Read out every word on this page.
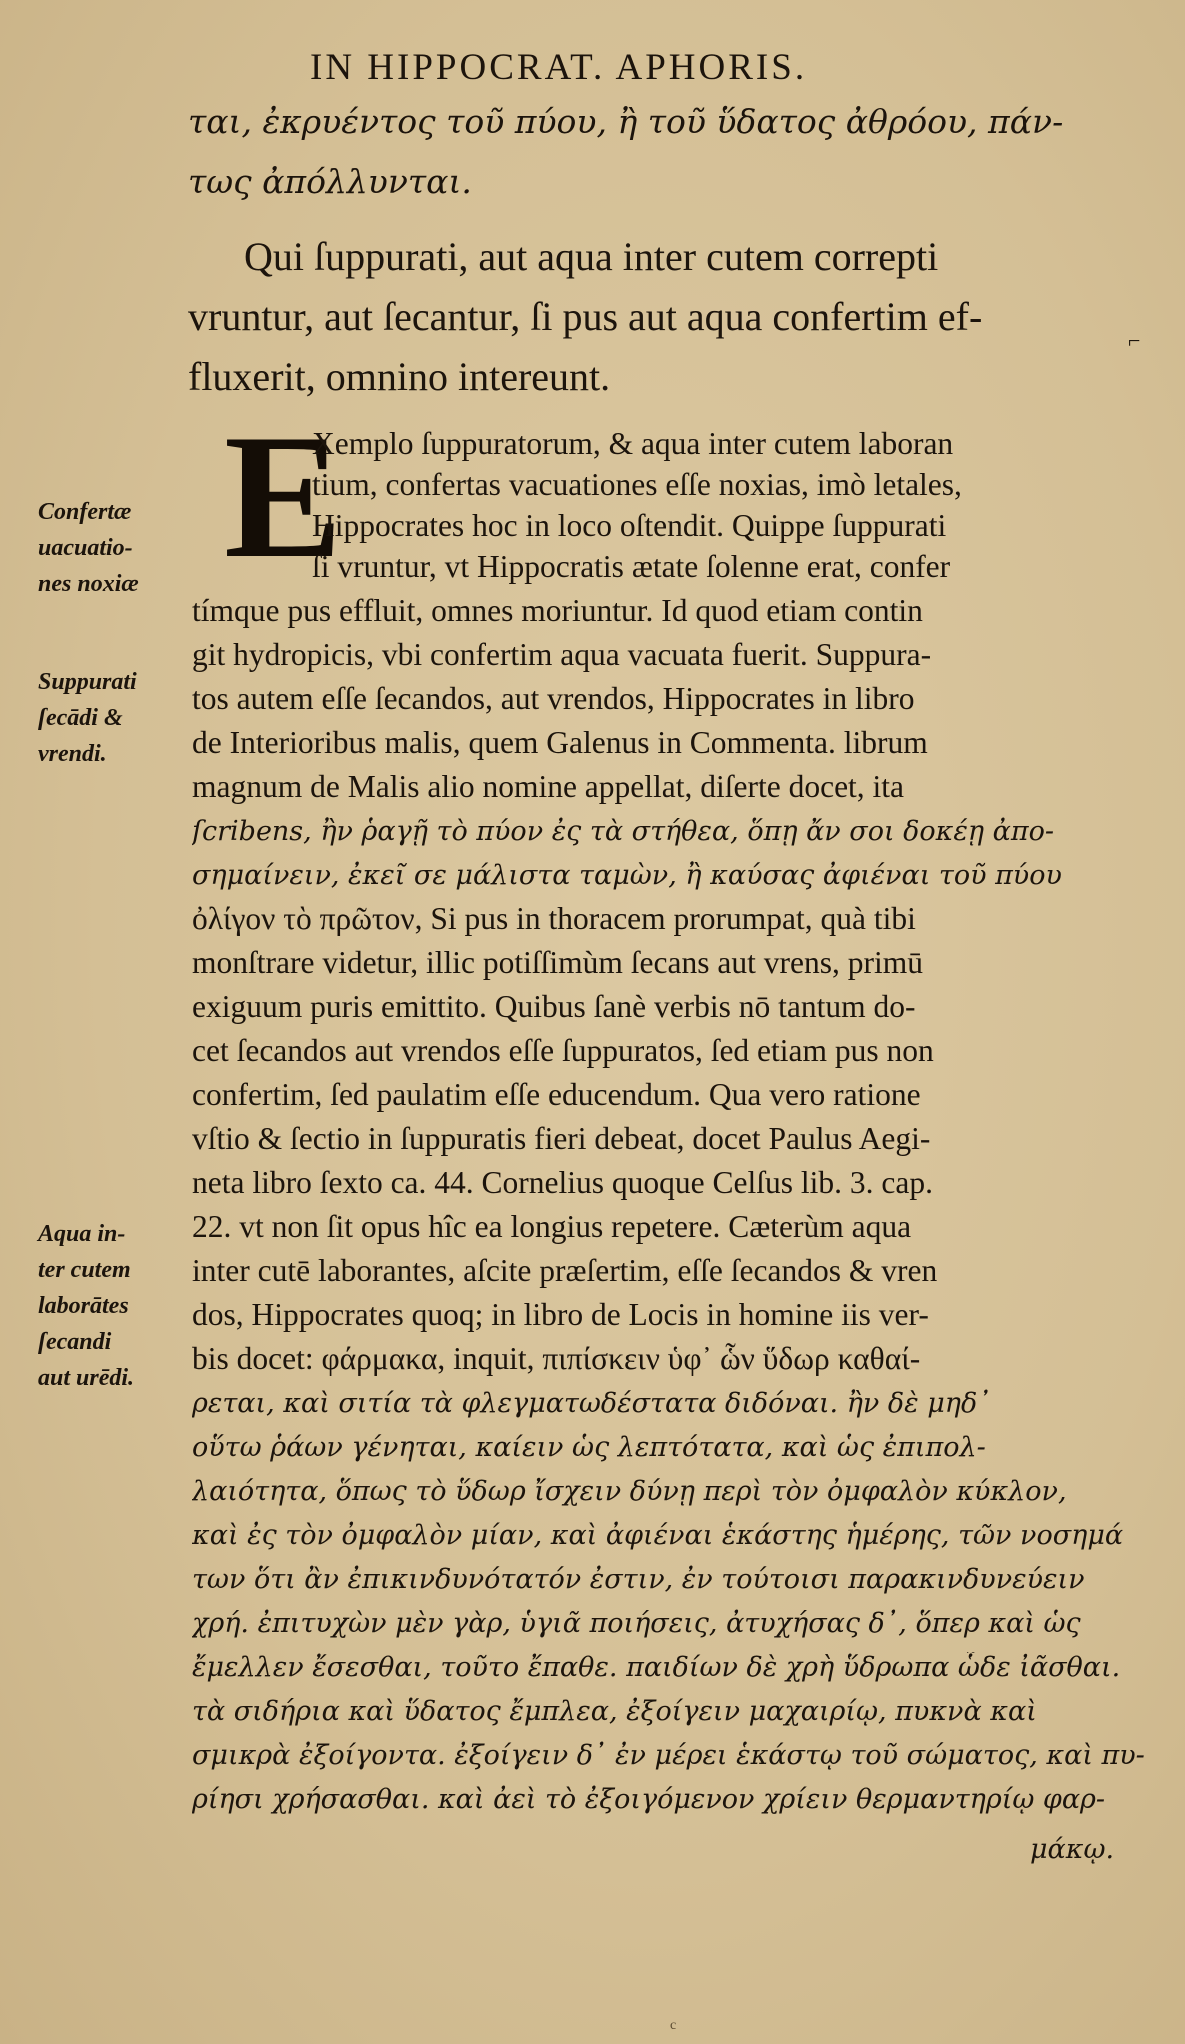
IN HIPPOCRAT. APHORIS.
ται, ἐκρυέντος τοῦ πύου, ἢ τοῦ ὕδατος ἀθρόου, πάν-
τως ἀπόλλυνται.
Qui ſuppurati, aut aqua inter cutem correpti
vruntur, aut ſecantur, ſi pus aut aqua confertim ef-
fluxerit, omnino intereunt.
⌐
E
Xemplo ſuppuratorum, & aqua inter cutem laboran
tium, confertas vacuationes eſſe noxias, imò letales,
Hippocrates hoc in loco oſtendit. Quippe ſuppurati
ſi vruntur, vt Hippocratis ætate ſolenne erat, confer
tímque pus effluit, omnes moriuntur. Id quod etiam contin
git hydropicis, vbi confertim aqua vacuata fuerit. Suppura-
tos autem eſſe ſecandos, aut vrendos, Hippocrates in libro
de Interioribus malis, quem Galenus in Commenta. librum
magnum de Malis alio nomine appellat, diſerte docet, ita
ſcribens, ἢν ῥαγῇ τὸ πύον ἐς τὰ στήθεα, ὅπῃ ἄν σοι δοκέῃ ἀπο-
σημαίνειν, ἐκεῖ σε μάλιστα ταμὼν, ἢ καύσας ἀφιέναι τοῦ πύου
ὀλίγον τὸ πρῶτον, Si pus in thoracem prorumpat, quà tibi
monſtrare videtur, illic potiſſimùm ſecans aut vrens, primū
exiguum puris emittito. Quibus ſanè verbis nō tantum do-
cet ſecandos aut vrendos eſſe ſuppuratos, ſed etiam pus non
confertim, ſed paulatim eſſe educendum. Qua vero ratione
vſtio & ſectio in ſuppuratis fieri debeat, docet Paulus Aegi-
neta libro ſexto ca. 44. Cornelius quoque Celſus lib. 3. cap.
22. vt non ſit opus hîc ea longius repetere. Cæterùm aqua
inter cutē laborantes, aſcite præſertim, eſſe ſecandos & vren
dos, Hippocrates quoq; in libro de Locis in homine iis ver-
bis docet: φάρμακα, inquit, πιπίσκειν ὑφ᾽ ὧν ὕδωρ καθαί-
ρεται, καὶ σιτία τὰ φλεγματωδέστατα διδόναι. ἢν δὲ μηδ᾽
οὕτω ῥάων γένηται, καίειν ὡς λεπτότατα, καὶ ὡς ἐπιπολ-
λαιότητα, ὅπως τὸ ὕδωρ ἴσχειν δύνῃ περὶ τὸν ὀμφαλὸν κύκλον,
καὶ ἐς τὸν ὀμφαλὸν μίαν, καὶ ἀφιέναι ἑκάστης ἡμέρης, τῶν νοσημά
των ὅτι ἂν ἐπικινδυνότατόν ἐστιν, ἐν τούτοισι παρακινδυνεύειν
χρή. ἐπιτυχὼν μὲν γὰρ, ὑγιᾶ ποιήσεις, ἀτυχήσας δ᾽, ὅπερ καὶ ὡς
ἔμελλεν ἔσεσθαι, τοῦτο ἔπαθε. παιδίων δὲ χρὴ ὕδρωπα ὧδε ἰᾶσθαι.
τὰ σιδήρια καὶ ὕδατος ἔμπλεα, ἐξοίγειν μαχαιρίῳ, πυκνὰ καὶ
σμικρὰ ἐξοίγοντα. ἐξοίγειν δ᾽ ἐν μέρει ἑκάστῳ τοῦ σώματος, καὶ πυ-
ρίησι χρήσασθαι. καὶ ἀεὶ τὸ ἐξοιγόμενον χρίειν θερμαντηρίῳ φαρ-
μάκῳ.
Confertæ
uacuatio-
nes noxiæ
Suppurati
ſecādi &
vrendi.
Aqua in-
ter cutem
laborātes
ſecandi
aut urēdi.
c
